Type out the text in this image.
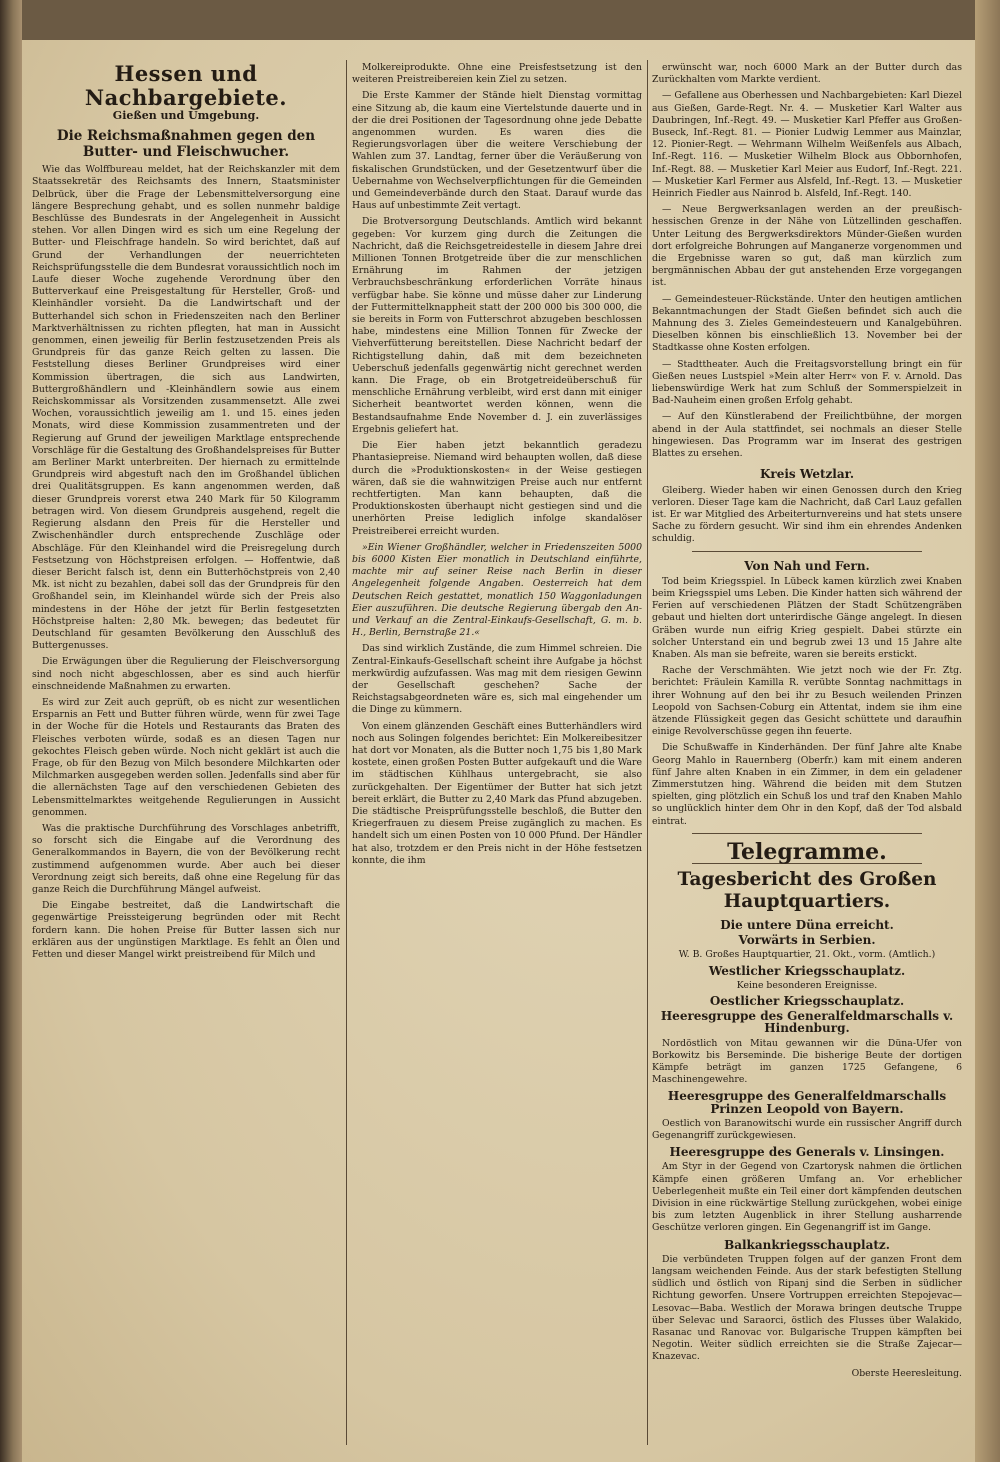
Hessen und Nachbargebiete.
Gießen und Umgebung.
Die Reichsmaßnahmen gegen den Butter- und Fleischwucher.

Wie das Wolffbureau meldet, hat der Reichskanzler mit dem Staatssekretär des Reichsamts des Innern, Staatsminister Delbrück, über die Frage der Lebensmittelversorgung eine längere Besprechung gehabt, und es sollen nunmehr baldige Beschlüsse des Bundesrats in der Angelegenheit in Aussicht stehen. Vor allen Dingen wird es sich um eine Regelung der Butter- und Fleischfrage handeln. So wird berichtet, daß auf Grund der Verhandlungen der neuerrichteten Reichsprüfungsstelle die dem Bundesrat voraussichtlich noch im Laufe dieser Woche zugehende Verordnung über den Butterverkauf eine Preisgestaltung für Hersteller, Groß- und Kleinhändler vorsieht. Da die Landwirtschaft und der Butterhandel sich schon in Friedenszeiten nach den Berliner Marktverhältnissen zu richten pflegten, hat man in Aussicht genommen, einen jeweilig für Berlin festzusetzenden Preis als Grundpreis für das ganze Reich gelten zu lassen. Die Feststellung dieses Berliner Grundpreises wird einer Kommission übertragen, die sich aus Landwirten, Buttergroßhändlern und -Kleinhändlern sowie aus einem Reichskommissar als Vorsitzenden zusammensetzt. Alle zwei Wochen, voraussichtlich jeweilig am 1. und 15. eines jeden Monats, wird diese Kommission zusammentreten und der Regierung auf Grund der jeweiligen Marktlage entsprechende Vorschläge für die Gestaltung des Großhandelspreises für Butter am Berliner Markt unterbreiten. Der hiernach zu ermittelnde Grundpreis wird abgestuft nach den im Großhandel üblichen drei Qualitätsgruppen. Es kann angenommen werden, daß dieser Grundpreis vorerst etwa 240 Mark für 50 Kilogramm betragen wird. Von diesem Grundpreis ausgehend, regelt die Regierung alsdann den Preis für die Hersteller und Zwischenhändler durch entsprechende Zuschläge oder Abschläge. Für den Kleinhandel wird die Preisregelung durch Festsetzung von Höchstpreisen erfolgen. — Hoffentwie, daß dieser Bericht falsch ist, denn ein Butterhöchstpreis von 2,40 Mk. ist nicht zu bezahlen, dabei soll das der Grundpreis für den Großhandel sein, im Kleinhandel würde sich der Preis also mindestens in der Höhe der jetzt für Berlin festgesetzten Höchstpreise halten: 2,80 Mk. bewegen; das bedeutet für Deutschland für gesamten Bevölkerung den Ausschluß des Buttergenusses.

Die Erwägungen über die Regulierung der Fleischversorgung sind noch nicht abgeschlossen, aber es sind auch hierfür einschneidende Maßnahmen zu erwarten.

Es wird zur Zeit auch geprüft, ob es nicht zur wesentlichen Ersparnis an Fett und Butter führen würde, wenn für zwei Tage in der Woche für die Hotels und Restaurants das Braten des Fleisches verboten würde, sodaß es an diesen Tagen nur gekochtes Fleisch geben würde. Noch nicht geklärt ist auch die Frage, ob für den Bezug von Milch besondere Milchkarten oder Milchmarken ausgegeben werden sollen. Jedenfalls sind aber für die allernächsten Tage auf den verschiedenen Gebieten des Lebensmittelmarktes weitgehende Regulierungen in Aussicht genommen.

Was die praktische Durchführung des Vorschlages anbetrifft, so forscht sich die Eingabe auf die Verordnung des Generalkommandos in Bayern, die von der Bevölkerung recht zustimmend aufgenommen wurde. Aber auch bei dieser Verordnung zeigt sich bereits, daß ohne eine Regelung für das ganze Reich die Durchführung Mängel aufweist.

Die Eingabe bestreitet, daß die Landwirtschaft die gegenwärtige Preissteigerung begründen oder mit Recht fordern kann. Die hohen Preise für Butter lassen sich nur erklären aus der ungünstigen Marktlage. Es fehlt an Ölen und Fetten und dieser Mangel wirkt preistreibend für Milch und

Molkereiprodukte. Ohne eine Preisfestsetzung ist den weiteren Preistreibereien kein Ziel zu setzen.

Die Erste Kammer der Stände hielt Dienstag vormittag eine Sitzung ab, die kaum eine Viertelstunde dauerte und in der die drei Positionen der Tagesordnung ohne jede Debatte angenommen wurden. Es waren dies die Regierungsvorlagen über die weitere Verschiebung der Wahlen zum 37. Landtag, ferner über die Veräußerung von fiskalischen Grundstücken, und der Gesetzentwurf über die Uebernahme von Wechselverpflichtungen für die Gemeinden und Gemeindeverbände durch den Staat. Darauf wurde das Haus auf unbestimmte Zeit vertagt.

Die Brotversorgung Deutschlands. Amtlich wird bekannt gegeben: Vor kurzem ging durch die Zeitungen die Nachricht, daß die Reichsgetreidestelle in diesem Jahre drei Millionen Tonnen Brotgetreide über die zur menschlichen Ernährung im Rahmen der jetzigen Verbrauchsbeschränkung erforderlichen Vorräte hinaus verfügbar habe. Sie könne und müsse daher zur Linderung der Futtermittelknappheit statt der 200 000 bis 300 000, die sie bereits in Form von Futterschrot abzugeben beschlossen habe, mindestens eine Million Tonnen für Zwecke der Viehverfütterung bereitstellen. Diese Nachricht bedarf der Richtigstellung dahin, daß mit dem bezeichneten Ueberschuß jedenfalls gegenwärtig nicht gerechnet werden kann. Die Frage, ob ein Brotgetreideüberschuß für menschliche Ernährung verbleibt, wird erst dann mit einiger Sicherheit beantwortet werden können, wenn die Bestandsaufnahme Ende November d. J. ein zuverlässiges Ergebnis geliefert hat.

Die Eier haben jetzt bekanntlich geradezu Phantasiepreise. Niemand wird behaupten wollen, daß diese durch die »Produktionskosten« in der Weise gestiegen wären, daß sie die wahnwitzigen Preise auch nur entfernt rechtfertigten. Man kann behaupten, daß die Produktionskosten überhaupt nicht gestiegen sind und die unerhörten Preise lediglich infolge skandalöser Preistreiberei erreicht wurden.

»Ein Wiener Großhändler, welcher in Friedenszeiten 5000 bis 6000 Kisten Eier monatlich in Deutschland einführte, machte mir auf seiner Reise nach Berlin in dieser Angelegenheit folgende Angaben. Oesterreich hat dem Deutschen Reich gestattet, monatlich 150 Waggonladungen Eier auszuführen. Die deutsche Regierung übergab den An- und Verkauf an die Zentral-Einkaufs-Gesellschaft, G. m. b. H., Berlin, Bernstraße 21.«

Das sind wirklich Zustände, die zum Himmel schreien. Die Zentral-Einkaufs-Gesellschaft scheint ihre Aufgabe ja höchst merkwürdig aufzufassen. Was mag mit dem riesigen Gewinn der Gesellschaft geschehen? Sache der Reichstagsabgeordneten wäre es, sich mal eingehender um die Dinge zu kümmern.

Von einem glänzenden Geschäft eines Butterhändlers wird noch aus Solingen folgendes berichtet: Ein Molkereibesitzer hat dort vor Monaten, als die Butter noch 1,75 bis 1,80 Mark kostete, einen großen Posten Butter aufgekauft und die Ware im städtischen Kühlhaus untergebracht, sie also zurückgehalten. Der Eigentümer der Butter hat sich jetzt bereit erklärt, die Butter zu 2,40 Mark das Pfund abzugeben. Die städtische Preisprüfungsstelle beschloß, die Butter den Kriegerfrauen zu diesem Preise zugänglich zu machen. Es handelt sich um einen Posten von 10 000 Pfund. Der Händler hat also, trotzdem er den Preis nicht in der Höhe festsetzen konnte, die ihm

erwünscht war, noch 6000 Mark an der Butter durch das Zurückhalten vom Markte verdient.

— Gefallene aus Oberhessen und Nachbargebieten: Karl Diezel aus Gießen, Garde-Regt. Nr. 4. — Musketier Karl Walter aus Daubringen, Inf.-Regt. 49. — Musketier Karl Pfeffer aus Großen-Buseck, Inf.-Regt. 81. — Pionier Ludwig Lemmer aus Mainzlar, 12. Pionier-Regt. — Wehrmann Wilhelm Weißenfels aus Albach, Inf.-Regt. 116. — Musketier Wilhelm Block aus Obbornhofen, Inf.-Regt. 88. — Musketier Karl Meier aus Eudorf, Inf.-Regt. 221. — Musketier Karl Fermer aus Alsfeld, Inf.-Regt. 13. — Musketier Heinrich Fiedler aus Nainrod b. Alsfeld, Inf.-Regt. 140.

— Neue Bergwerksanlagen werden an der preußisch-hessischen Grenze in der Nähe von Lützellinden geschaffen. Unter Leitung des Bergwerksdirektors Münder-Gießen wurden dort erfolgreiche Bohrungen auf Manganerze vorgenommen und die Ergebnisse waren so gut, daß man kürzlich zum bergmännischen Abbau der gut anstehenden Erze vorgegangen ist.

— Gemeindesteuer-Rückstände. Unter den heutigen amtlichen Bekanntmachungen der Stadt Gießen befindet sich auch die Mahnung des 3. Zieles Gemeindesteuern und Kanalgebühren. Dieselben können bis einschließlich 13. November bei der Stadtkasse ohne Kosten erfolgen.

— Stadttheater. Auch die Freitagsvorstellung bringt ein für Gießen neues Lustspiel »Mein alter Herr« von F. v. Arnold. Das liebenswürdige Werk hat zum Schluß der Sommerspielzeit in Bad-Nauheim einen großen Erfolg gehabt.

— Auf den Künstlerabend der Freilichtbühne, der morgen abend in der Aula stattfindet, sei nochmals an dieser Stelle hingewiesen. Das Programm war im Inserat des gestrigen Blattes zu ersehen.

Kreis Wetzlar.

Gleiberg. Wieder haben wir einen Genossen durch den Krieg verloren. Dieser Tage kam die Nachricht, daß Carl Lauz gefallen ist. Er war Mitglied des Arbeiterturnvereins und hat stets unsere Sache zu fördern gesucht. Wir sind ihm ein ehrendes Andenken schuldig.

Von Nah und Fern.

Tod beim Kriegsspiel. In Lübeck kamen kürzlich zwei Knaben beim Kriegsspiel ums Leben. Die Kinder hatten sich während der Ferien auf verschiedenen Plätzen der Stadt Schützengräben gebaut und hielten dort unterirdische Gänge angelegt. In diesen Gräben wurde nun eifrig Krieg gespielt. Dabei stürzte ein solcher Unterstand ein und begrub zwei 13 und 15 Jahre alte Knaben. Als man sie befreite, waren sie bereits erstickt.

Rache der Verschmähten. Wie jetzt noch wie der Fr. Ztg. berichtet: Fräulein Kamilla R. verübte Sonntag nachmittags in ihrer Wohnung auf den bei ihr zu Besuch weilenden Prinzen Leopold von Sachsen-Coburg ein Attentat, indem sie ihm eine ätzende Flüssigkeit gegen das Gesicht schüttete und daraufhin einige Revolverschüsse gegen ihn feuerte.

Die Schußwaffe in Kinderhänden. Der fünf Jahre alte Knabe Georg Mahlo in Rauernberg (Oberfr.) kam mit einem anderen fünf Jahre alten Knaben in ein Zimmer, in dem ein geladener Zimmerstutzen hing. Während die beiden mit dem Stutzen spielten, ging plötzlich ein Schuß los und traf den Knaben Mahlo so unglücklich hinter dem Ohr in den Kopf, daß der Tod alsbald eintrat.

Telegramme.
Tagesbericht des Großen Hauptquartiers.
Die untere Düna erreicht.
Vorwärts in Serbien.
W. B. Großes Hauptquartier, 21. Okt., vorm. (Amtlich.)
Westlicher Kriegsschauplatz.
Keine besonderen Ereignisse.
Oestlicher Kriegsschauplatz.
Heeresgruppe des Generalfeldmarschalls v. Hindenburg.

Nordöstlich von Mitau gewannen wir die Düna-Ufer von Borkowitz bis Berseminde. Die bisherige Beute der dortigen Kämpfe beträgt im ganzen 1725 Gefangene, 6 Maschinengewehre.

Heeresgruppe des Generalfeldmarschalls Prinzen Leopold von Bayern.

Oestlich von Baranowitschi wurde ein russischer Angriff durch Gegenangriff zurückgewiesen.

Heeresgruppe des Generals v. Linsingen.

Am Styr in der Gegend von Czartorysk nahmen die örtlichen Kämpfe einen größeren Umfang an. Vor erheblicher Ueberlegenheit mußte ein Teil einer dort kämpfenden deutschen Division in eine rückwärtige Stellung zurückgehen, wobei einige bis zum letzten Augenblick in ihrer Stellung ausharrende Geschütze verloren gingen. Ein Gegenangriff ist im Gange.

Balkankriegsschauplatz.

Die verbündeten Truppen folgen auf der ganzen Front dem langsam weichenden Feinde. Aus der stark befestigten Stellung südlich und östlich von Ripanj sind die Serben in südlicher Richtung geworfen. Unsere Vortruppen erreichten Stepojevac—Lesovac—Baba. Westlich der Morawa bringen deutsche Truppe über Selevac und Saraorci, östlich des Flusses über Walakido, Rasanac und Ranovac vor. Bulgarische Truppen kämpften bei Negotin. Weiter südlich erreichten sie die Straße Zajecar—Knazevac.

Oberste Heeresleitung.
